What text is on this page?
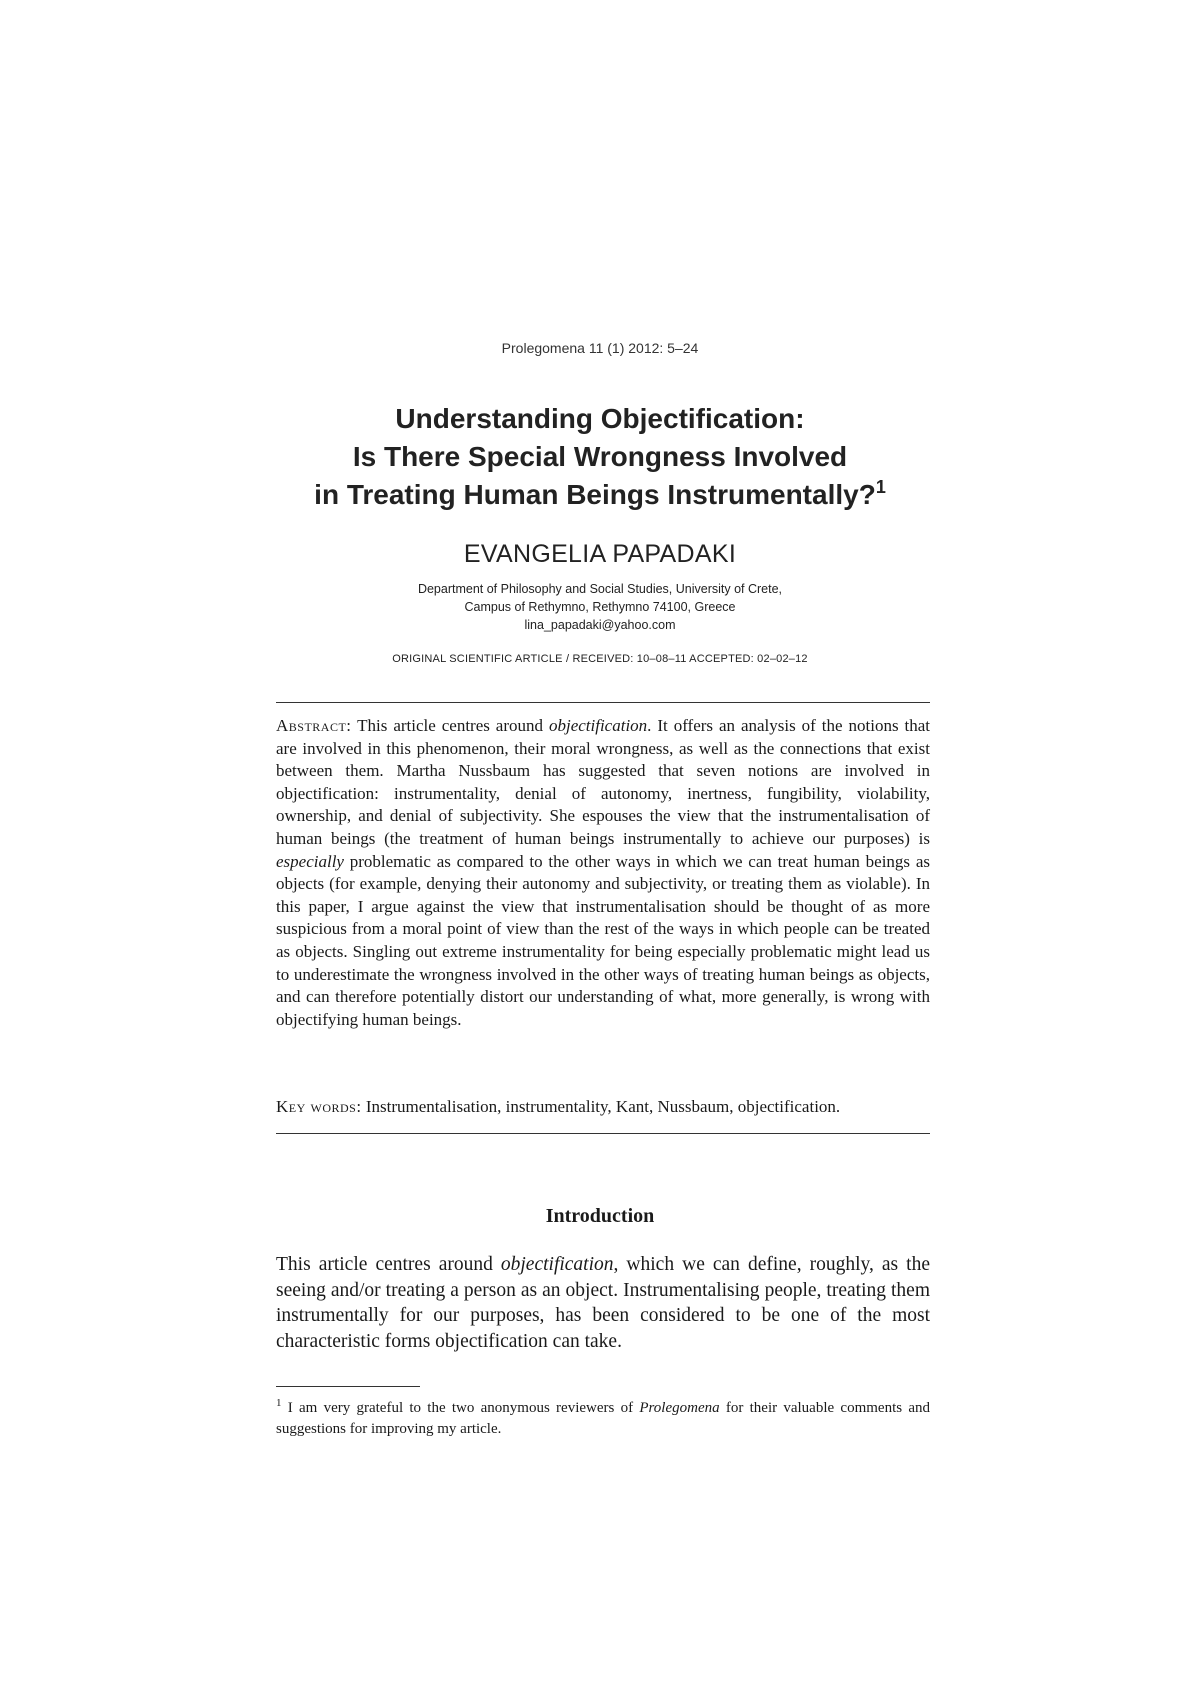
Prolegomena 11 (1) 2012: 5–24
Understanding Objectification:
Is There Special Wrongness Involved
in Treating Human Beings Instrumentally?$^1$
EVANGELIA PAPADAKI
Department of Philosophy and Social Studies, University of Crete,
Campus of Rethymno, Rethymno 74100, Greece
lina_papadaki@yahoo.com
ORIGINAL SCIENTIFIC ARTICLE / RECEIVED: 10–08–11 ACCEPTED: 02–02–12
Abstract: This article centres around objectification. It offers an analysis of the notions that are involved in this phenomenon, their moral wrongness, as well as the connections that exist between them. Martha Nussbaum has suggested that seven notions are involved in objectification: instrumentality, denial of autonomy, inertness, fungibility, violability, ownership, and denial of subjectivity. She espouses the view that the instrumentalisation of human beings (the treatment of human beings instrumentally to achieve our purposes) is especially problematic as compared to the other ways in which we can treat human beings as objects (for example, denying their autonomy and subjectivity, or treating them as violable). In this paper, I argue against the view that instrumentalisation should be thought of as more suspicious from a moral point of view than the rest of the ways in which people can be treated as objects. Singling out extreme instrumentality for being especially problematic might lead us to underestimate the wrongness involved in the other ways of treating human beings as objects, and can therefore potentially distort our understanding of what, more generally, is wrong with objectifying human beings.
Key words: Instrumentalisation, instrumentality, Kant, Nussbaum, objectification.
Introduction
This article centres around objectification, which we can define, roughly, as the seeing and/or treating a person as an object. Instrumentalising people, treating them instrumentally for our purposes, has been considered to be one of the most characteristic forms objectification can take.
$^1$ I am very grateful to the two anonymous reviewers of Prolegomena for their valuable comments and suggestions for improving my article.
